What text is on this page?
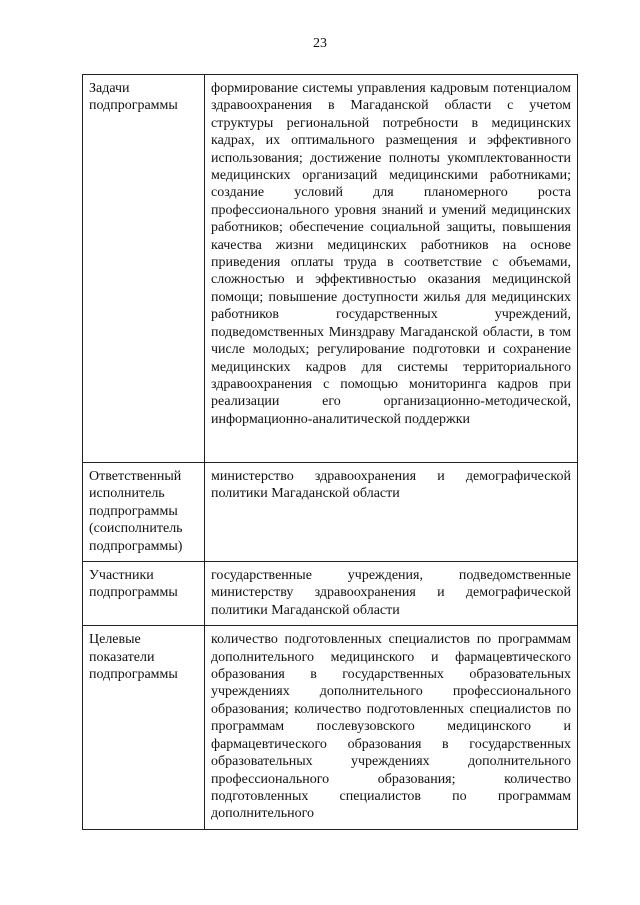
23
Задачи подпрограммы	формирование системы управления кадровым потенциалом здравоохранения в Магаданской области с учетом структуры региональной потребности в медицинских кадрах, их оптимального размещения и эффективного использования; достижение полноты укомплектованности медицинских организаций медицинскими работниками; создание условий для планомерного роста профессионального уровня знаний и умений медицинских работников; обеспечение социальной защиты, повышения качества жизни медицинских работников на основе приведения оплаты труда в соответствие с объемами, сложностью и эффективностью оказания медицинской помощи; повышение доступности жилья для медицинских работников государственных учреждений, подведомственных Минздраву Магаданской области, в том числе молодых; регулирование подготовки и сохранение медицинских кадров для системы территориального здравоохранения с помощью мониторинга кадров при реализации его организационно-методической, информационно-аналитической поддержки
Ответственный исполнитель подпрограммы (соисполнитель подпрограммы)	министерство здравоохранения и демографической политики Магаданской области
Участники подпрограммы	государственные учреждения, подведомственные министерству здравоохранения и демографической политики Магаданской области
Целевые показатели подпрограммы	количество подготовленных специалистов по программам дополнительного медицинского и фармацевтического образования в государственных образовательных учреждениях дополнительного профессионального образования; количество подготовленных специалистов по программам послевузовского медицинского и фармацевтического образования в государственных образовательных учреждениях дополнительного профессионального образования; количество подготовленных специалистов по программам дополнительного
